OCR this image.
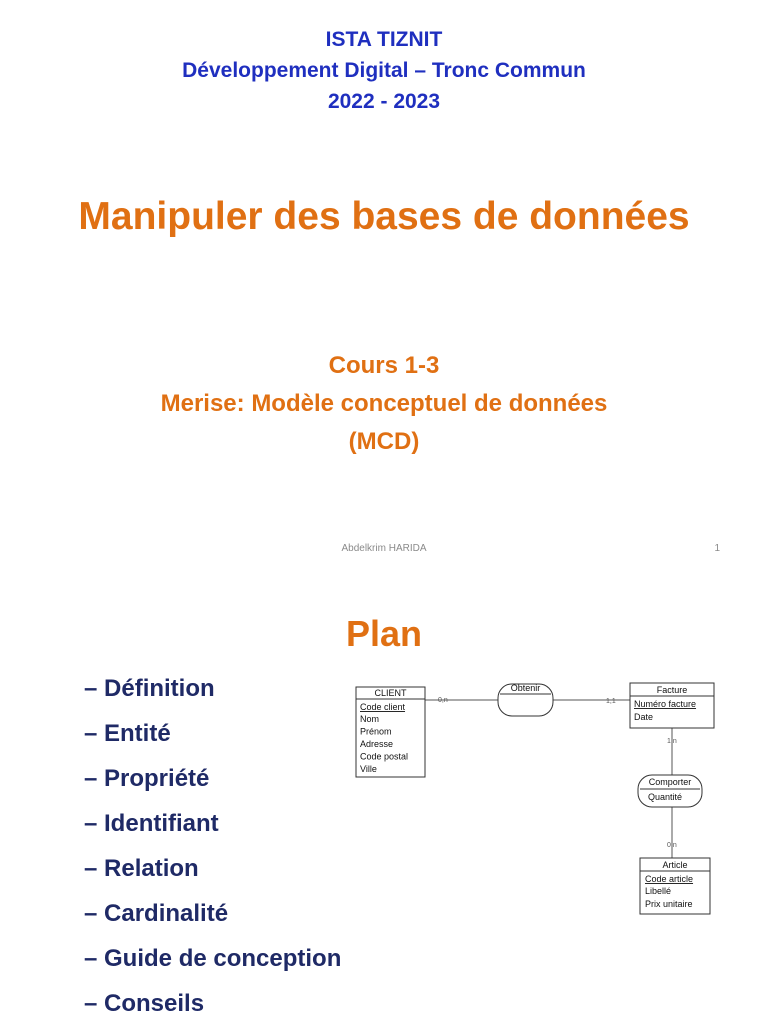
ISTA TIZNIT
Développement Digital – Tronc Commun
2022 - 2023
Manipuler des bases de données
Cours 1-3
Merise: Modèle conceptuel de données
(MCD)
Abdelkrim HARIDA	1
Plan
– Définition
– Entité
– Propriété
– Identifiant
– Relation
– Cardinalité
– Guide de conception
– Conseils
CLIENT
Code client
Nom
Prénom
Adresse
Code postal
Ville
Obtenir	Facture
Numéro facture
Date
Comporter
Quantité
Article
Code article
Libellé
Prix unitaire
0,n	1,1
1,n
0,n
